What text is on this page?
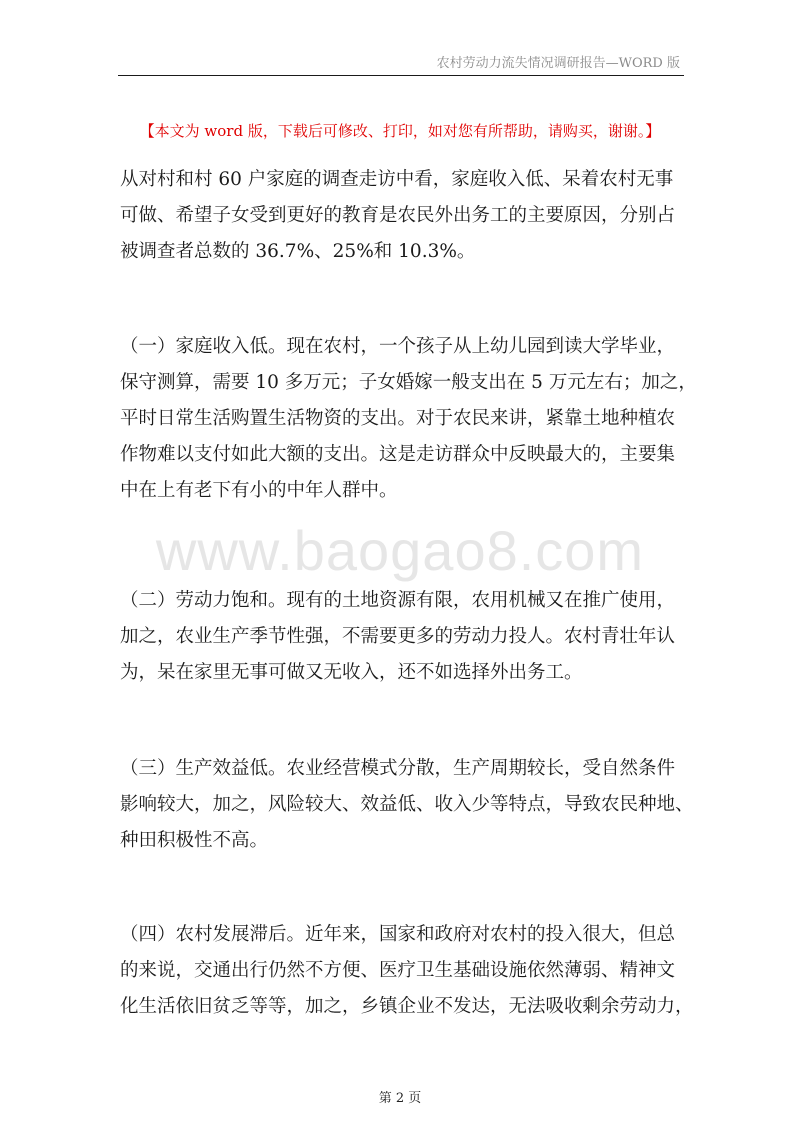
农村劳动力流失情况调研报告—WORD 版
【本文为 word 版，下载后可修改、打印，如对您有所帮助，请购买，谢谢。】
www.baogao8.com

从对村和村 60 户家庭的调查走访中看，家庭收入低、呆着农村无事
可做、希望子女受到更好的教育是农民外出务工的主要原因，分别占
被调查者总数的 36.7%、25%和 10.3%。

（一）家庭收入低。现在农村，一个孩子从上幼儿园到读大学毕业，
保守测算，需要 10 多万元；子女婚嫁一般支出在 5 万元左右；加之，
平时日常生活购置生活物资的支出。对于农民来讲，紧靠土地种植农
作物难以支付如此大额的支出。这是走访群众中反映最大的，主要集
中在上有老下有小的中年人群中。

（二）劳动力饱和。现有的土地资源有限，农用机械又在推广使用，
加之，农业生产季节性强，不需要更多的劳动力投人。农村青壮年认
为，呆在家里无事可做又无收入，还不如选择外出务工。

（三）生产效益低。农业经营模式分散，生产周期较长，受自然条件
影响较大，加之，风险较大、效益低、收入少等特点，导致农民种地、
种田积极性不高。

（四）农村发展滞后。近年来，国家和政府对农村的投入很大，但总
的来说，交通出行仍然不方便、医疗卫生基础设施依然薄弱、精神文
化生活依旧贫乏等等，加之，乡镇企业不发达，无法吸收剩余劳动力，

第 2 页
